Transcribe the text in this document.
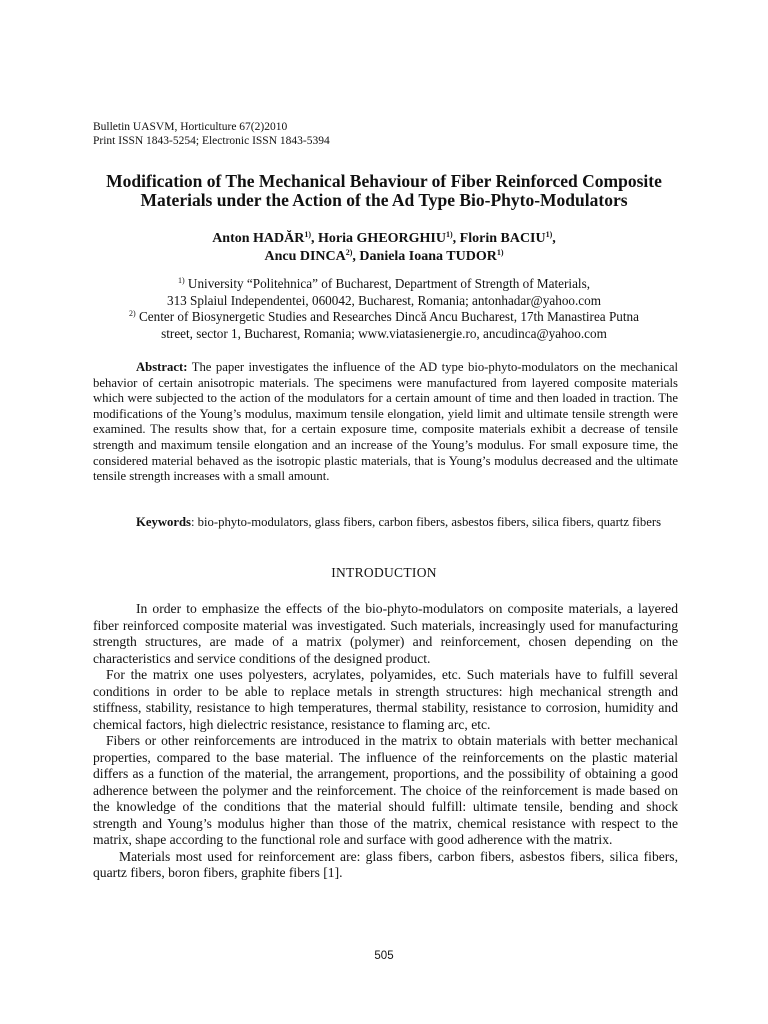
Bulletin UASVM, Horticulture 67(2)2010
Print ISSN 1843-5254; Electronic ISSN 1843-5394
Modification of The Mechanical Behaviour of Fiber Reinforced Composite
Materials under the Action of the Ad Type Bio-Phyto-Modulators
Anton HADĂR$^{1)}$, Horia GHEORGHIU$^{1)}$, Florin BACIU$^{1)}$,
Ancu DINCA$^{2)}$, Daniela Ioana TUDOR$^{1)}$
$^{1)}$ University “Politehnica” of Bucharest, Department of Strength of Materials,
313 Splaiul Independentei, 060042, Bucharest, Romania; antonhadar@yahoo.com
$^{2)}$ Center of Biosynergetic Studies and Researches Dincă Ancu Bucharest, 17th Manastirea Putna
street, sector 1, Bucharest, Romania; www.viatasienergie.ro, ancudinca@yahoo.com
Abstract: The paper investigates the influence of the AD type bio-phyto-modulators on the mechanical behavior of certain anisotropic materials. The specimens were manufactured from layered composite materials which were subjected to the action of the modulators for a certain amount of time and then loaded in traction. The modifications of the Young’s modulus, maximum tensile elongation, yield limit and ultimate tensile strength were examined. The results show that, for a certain exposure time, composite materials exhibit a decrease of tensile strength and maximum tensile elongation and an increase of the Young’s modulus. For small exposure time, the considered material behaved as the isotropic plastic materials, that is Young’s modulus decreased and the ultimate tensile strength increases with a small amount.
Keywords: bio-phyto-modulators, glass fibers, carbon fibers, asbestos fibers, silica fibers, quartz fibers
INTRODUCTION

In order to emphasize the effects of the bio-phyto-modulators on composite materials, a layered fiber reinforced composite material was investigated. Such materials, increasingly used for manufacturing strength structures, are made of a matrix (polymer) and reinforcement, chosen depending on the characteristics and service conditions of the designed product.

For the matrix one uses polyesters, acrylates, polyamides, etc. Such materials have to fulfill several conditions in order to be able to replace metals in strength structures: high mechanical strength and stiffness, stability, resistance to high temperatures, thermal stability, resistance to corrosion, humidity and chemical factors, high dielectric resistance, resistance to flaming arc, etc.

Fibers or other reinforcements are introduced in the matrix to obtain materials with better mechanical properties, compared to the base material. The influence of the reinforcements on the plastic material differs as a function of the material, the arrangement, proportions, and the possibility of obtaining a good adherence between the polymer and the reinforcement. The choice of the reinforcement is made based on the knowledge of the conditions that the material should fulfill: ultimate tensile, bending and shock strength and Young’s modulus higher than those of the matrix, chemical resistance with respect to the matrix, shape according to the functional role and surface with good adherence with the matrix.

Materials most used for reinforcement are: glass fibers, carbon fibers, asbestos fibers, silica fibers, quartz fibers, boron fibers, graphite fibers [1].

505
